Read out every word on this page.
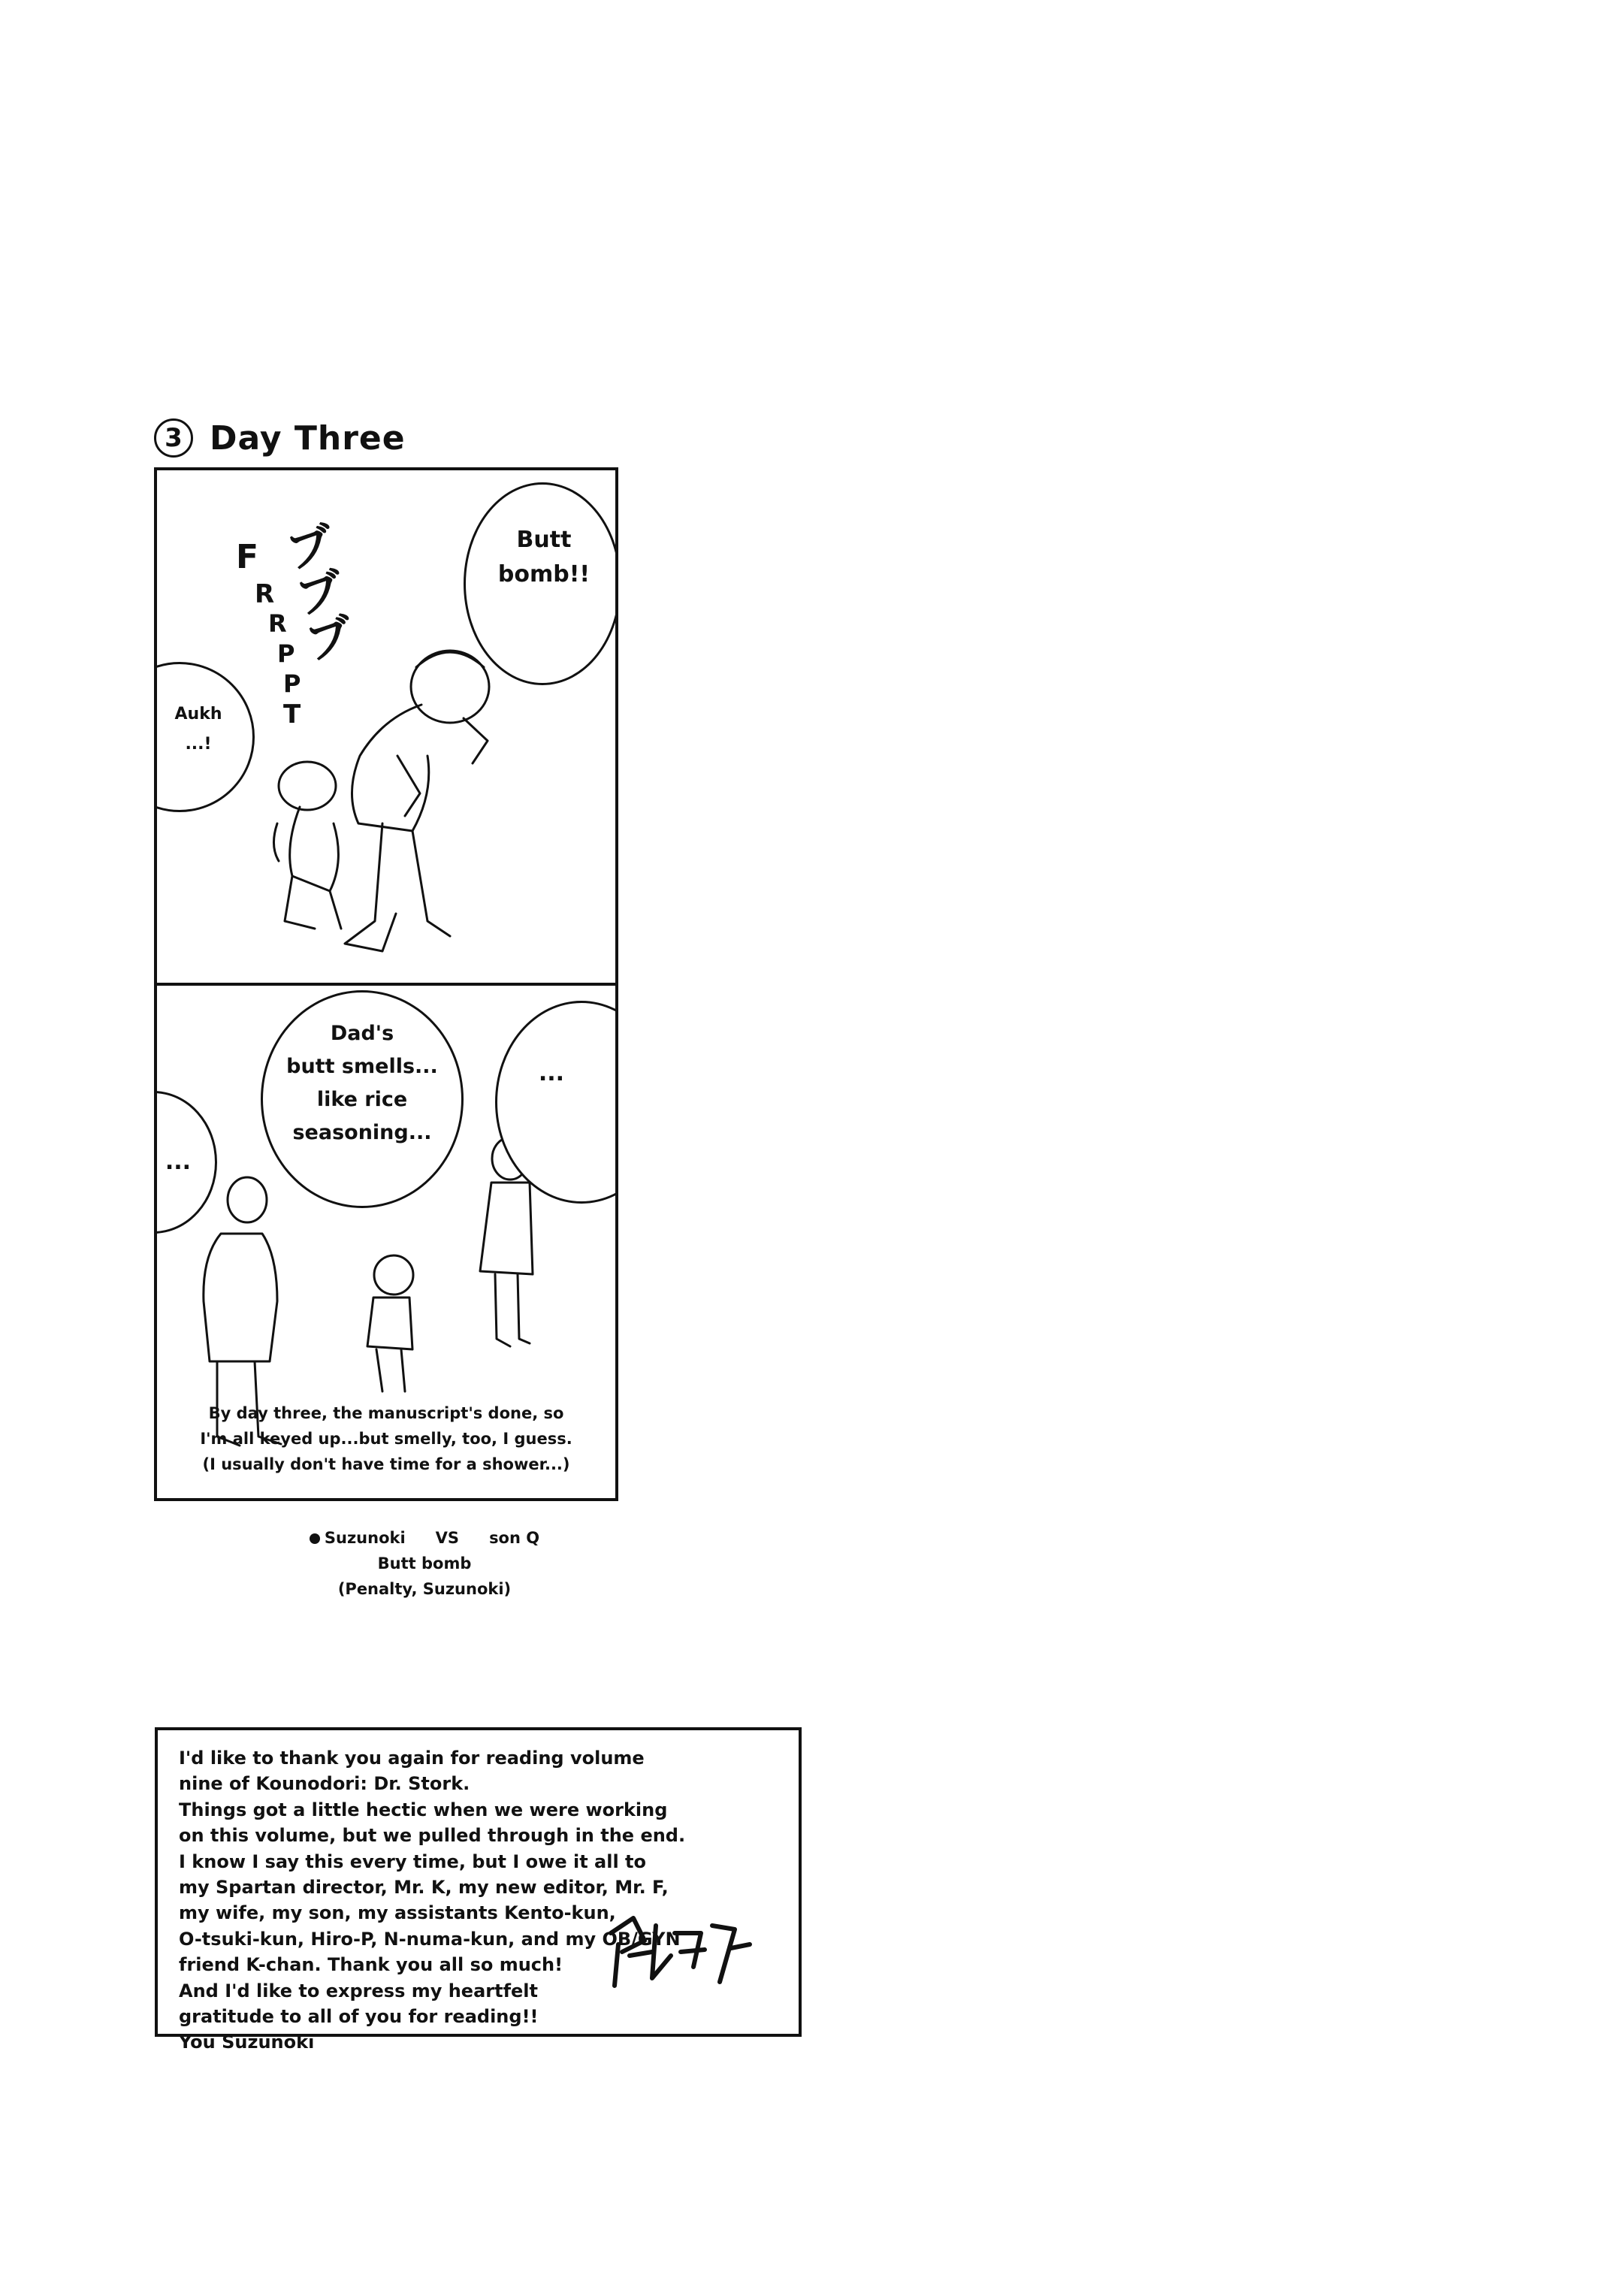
3 Day Three
Butt
bomb!!
Aukh
...!
F
R
R
P
P
T
ブブブ
Dad's
butt smells...
like rice
seasoning...
...
...
By day three, the manuscript's done, so
I'm all keyed up...but smelly, too, I guess.
(I usually don't have time for a shower...)
Suzunoki VS son Q
Butt bomb
(Penalty, Suzunoki)
I'd like to thank you again for reading volume
nine of Kounodori: Dr. Stork.
Things got a little hectic when we were working
on this volume, but we pulled through in the end.
I know I say this every time, but I owe it all to
my Spartan director, Mr. K, my new editor, Mr. F,
my wife, my son, my assistants Kento-kun,
O-tsuki-kun, Hiro-P, N-numa-kun, and my OB/GYN
friend K-chan. Thank you all so much!
And I'd like to express my heartfelt
gratitude to all of you for reading!!
You Suzunoki
